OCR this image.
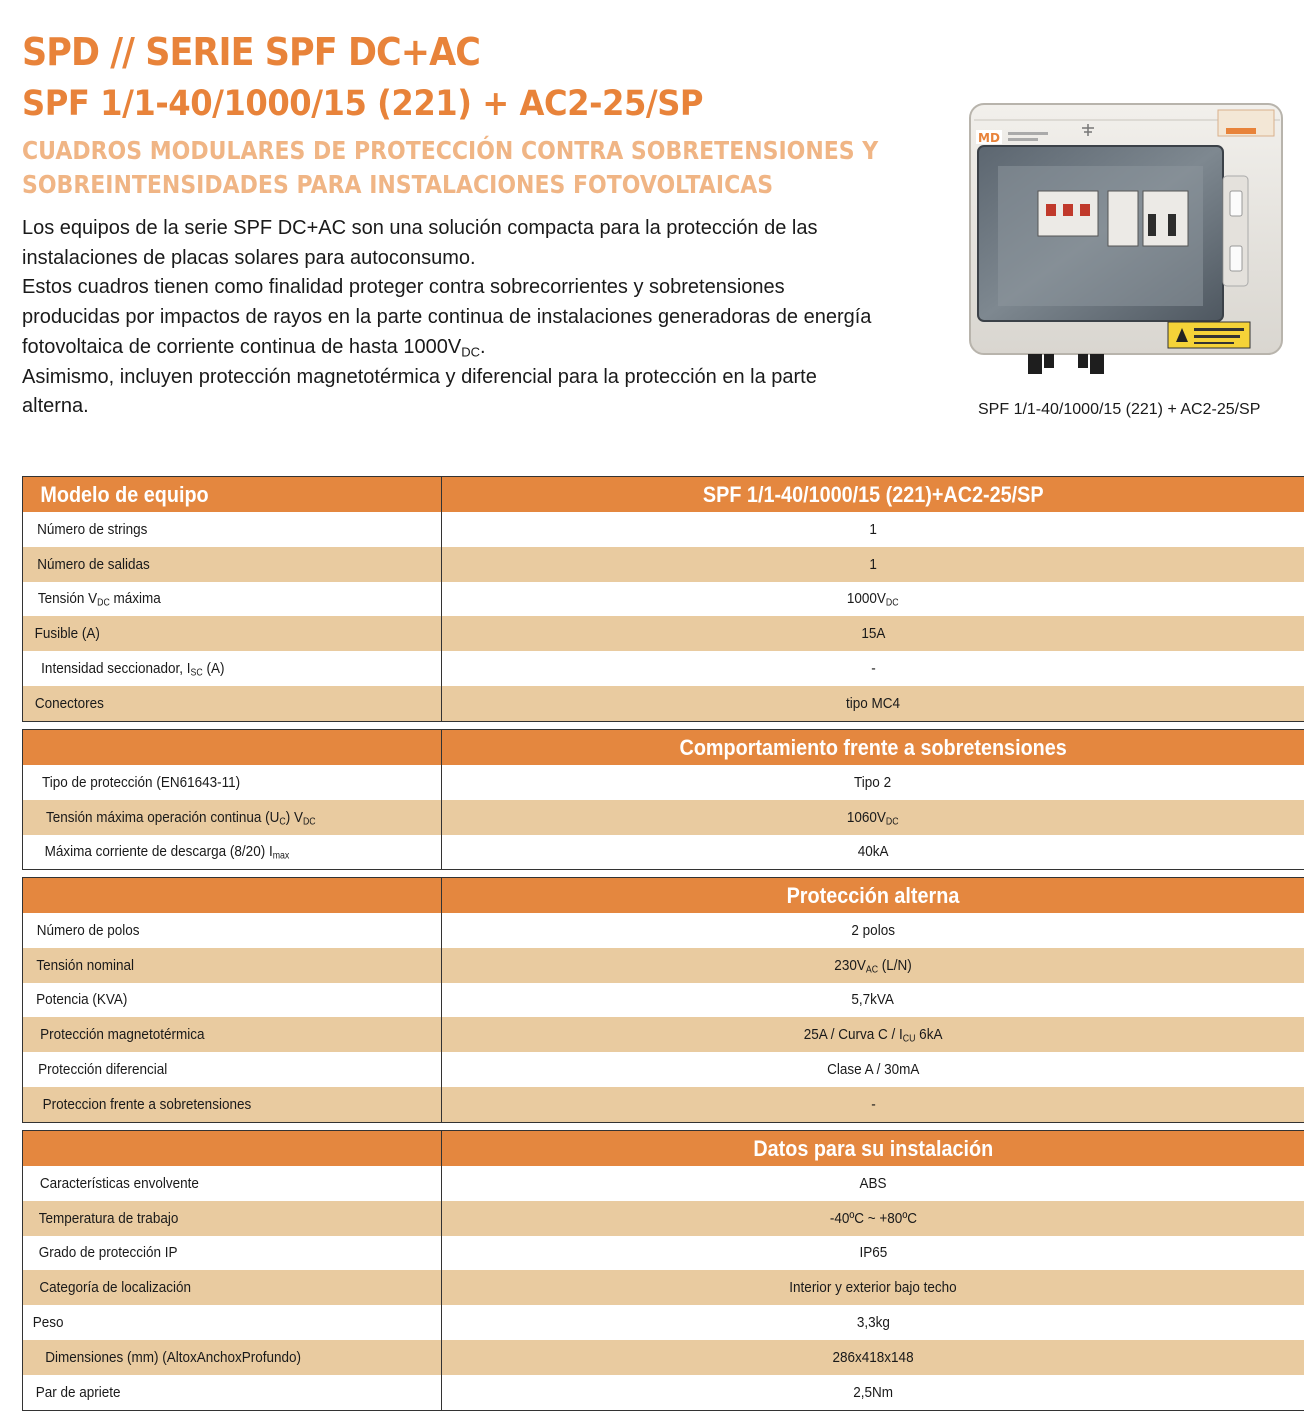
SPD // SERIE SPF DC+AC
SPF 1/1-40/1000/15 (221) + AC2-25/SP
CUADROS MODULARES DE PROTECCIÓN CONTRA SOBRETENSIONES Y
SOBREINTENSIDADES PARA INSTALACIONES FOTOVOLTAICAS

Los equipos de la serie SPF DC+AC son una solución compacta para la protección de las instalaciones de placas solares para autoconsumo.

Estos cuadros tienen como finalidad proteger contra sobrecorrientes y sobretensiones producidas por impactos de rayos en la parte continua de instalaciones generadoras de energía fotovoltaica de corriente continua de hasta $1000V_{DC}$.

Asimismo, incluyen protección magnetotérmica y diferencial para la protección en la parte alterna.

MD
SPF 1/1-40/1000/15 (221) + AC2-25/SP
Modelo de equipo	SPF 1/1-40/1000/15 (221)+AC2-25/SP
Número de strings	1
Número de salidas	1
Tensión $V_{DC}$ máxima	$1000V_{DC}$
Fusible (A)	15A
Intensidad seccionador, $I_{SC}$ (A)	-
Conectores	tipo MC4
Comportamiento frente a sobretensiones
Tipo de protección (EN61643-11)	Tipo 2
Tensión máxima operación continua $(U_C)$ $V_{DC}$	$1060V_{DC}$
Máxima corriente de descarga (8/20) $I_{max}$	40kA
Protección alterna
Número de polos	2 polos
Tensión nominal	$230V_{AC}$ (L/N)
Potencia (KVA)	5,7kVA
Protección magnetotérmica	25A / Curva C / $I_{CU}$ 6kA
Protección diferencial	Clase A / 30mA
Proteccion frente a sobretensiones	-
Datos para su instalación
Características envolvente	ABS
Temperatura de trabajo	-40ºC ~ +80ºC
Grado de protección IP	IP65
Categoría de localización	Interior y exterior bajo techo
Peso	3,3kg
Dimensiones (mm) (AltoxAnchoxProfundo)	286x418x148
Par de apriete	2,5Nm
